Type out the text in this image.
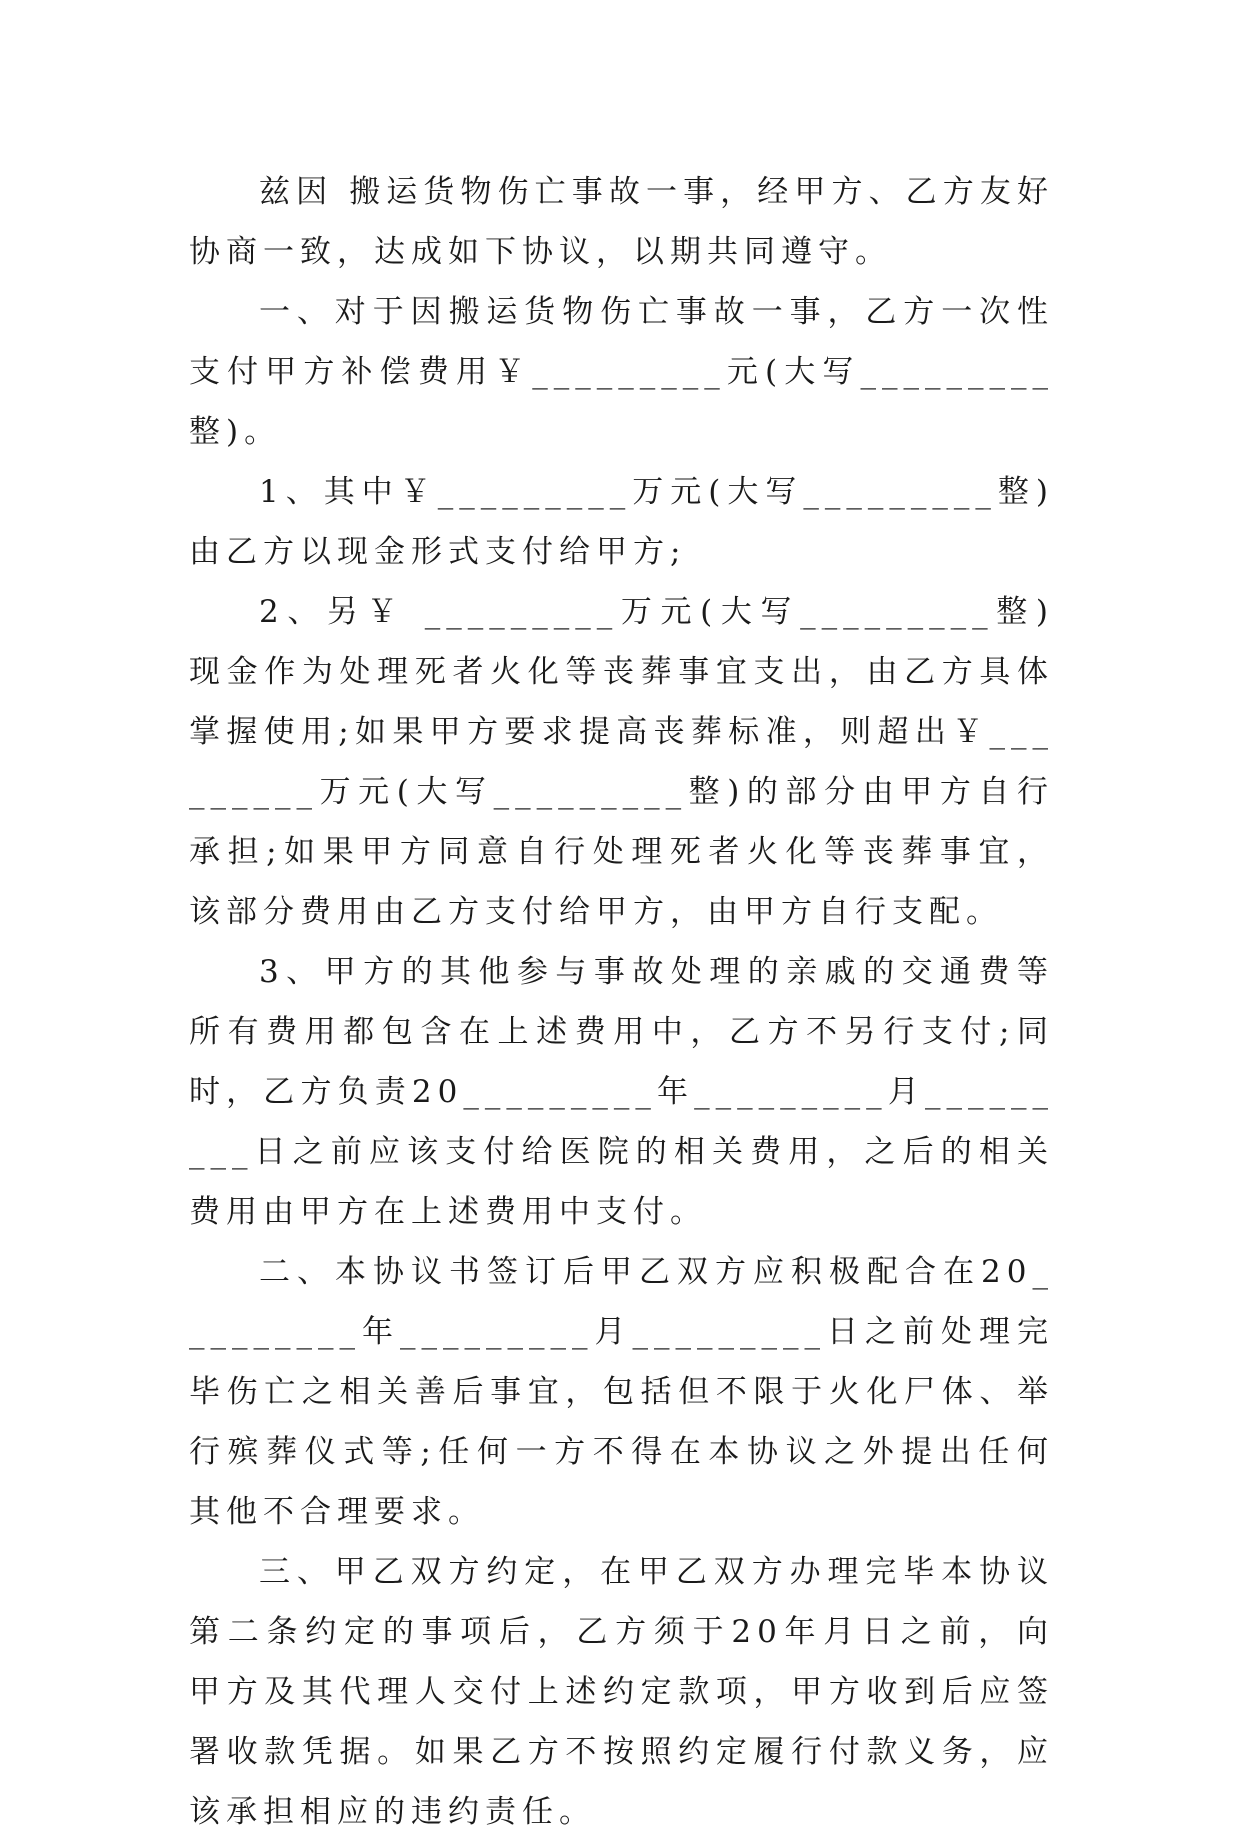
兹因 搬运货物伤亡事故一事，经甲方、乙方友好协商一致，达成如下协议，以期共同遵守。

一、对于因搬运货物伤亡事故一事，乙方一次性支付甲方补偿费用￥_________元(大写_________整)。

1、其中￥_________万元(大写_________整)由乙方以现金形式支付给甲方;

2、另￥ _________万元(大写_________整)现金作为处理死者火化等丧葬事宜支出，由乙方具体掌握使用;如果甲方要求提高丧葬标准，则超出￥_________万元(大写_________整)的部分由甲方自行承担;如果甲方同意自行处理死者火化等丧葬事宜，该部分费用由乙方支付给甲方，由甲方自行支配。

3、甲方的其他参与事故处理的亲戚的交通费等所有费用都包含在上述费用中，乙方不另行支付;同时，乙方负责20_________年_________月_________日之前应该支付给医院的相关费用，之后的相关费用由甲方在上述费用中支付。

二、本协议书签订后甲乙双方应积极配合在20_________年_________月_________日之前处理完毕伤亡之相关善后事宜，包括但不限于火化尸体、举行殡葬仪式等;任何一方不得在本协议之外提出任何其他不合理要求。

三、甲乙双方约定，在甲乙双方办理完毕本协议第二条约定的事项后，乙方须于20年月日之前，向甲方及其代理人交付上述约定款项，甲方收到后应签署收款凭据。如果乙方不按照约定履行付款义务，应该承担相应的违约责任。
